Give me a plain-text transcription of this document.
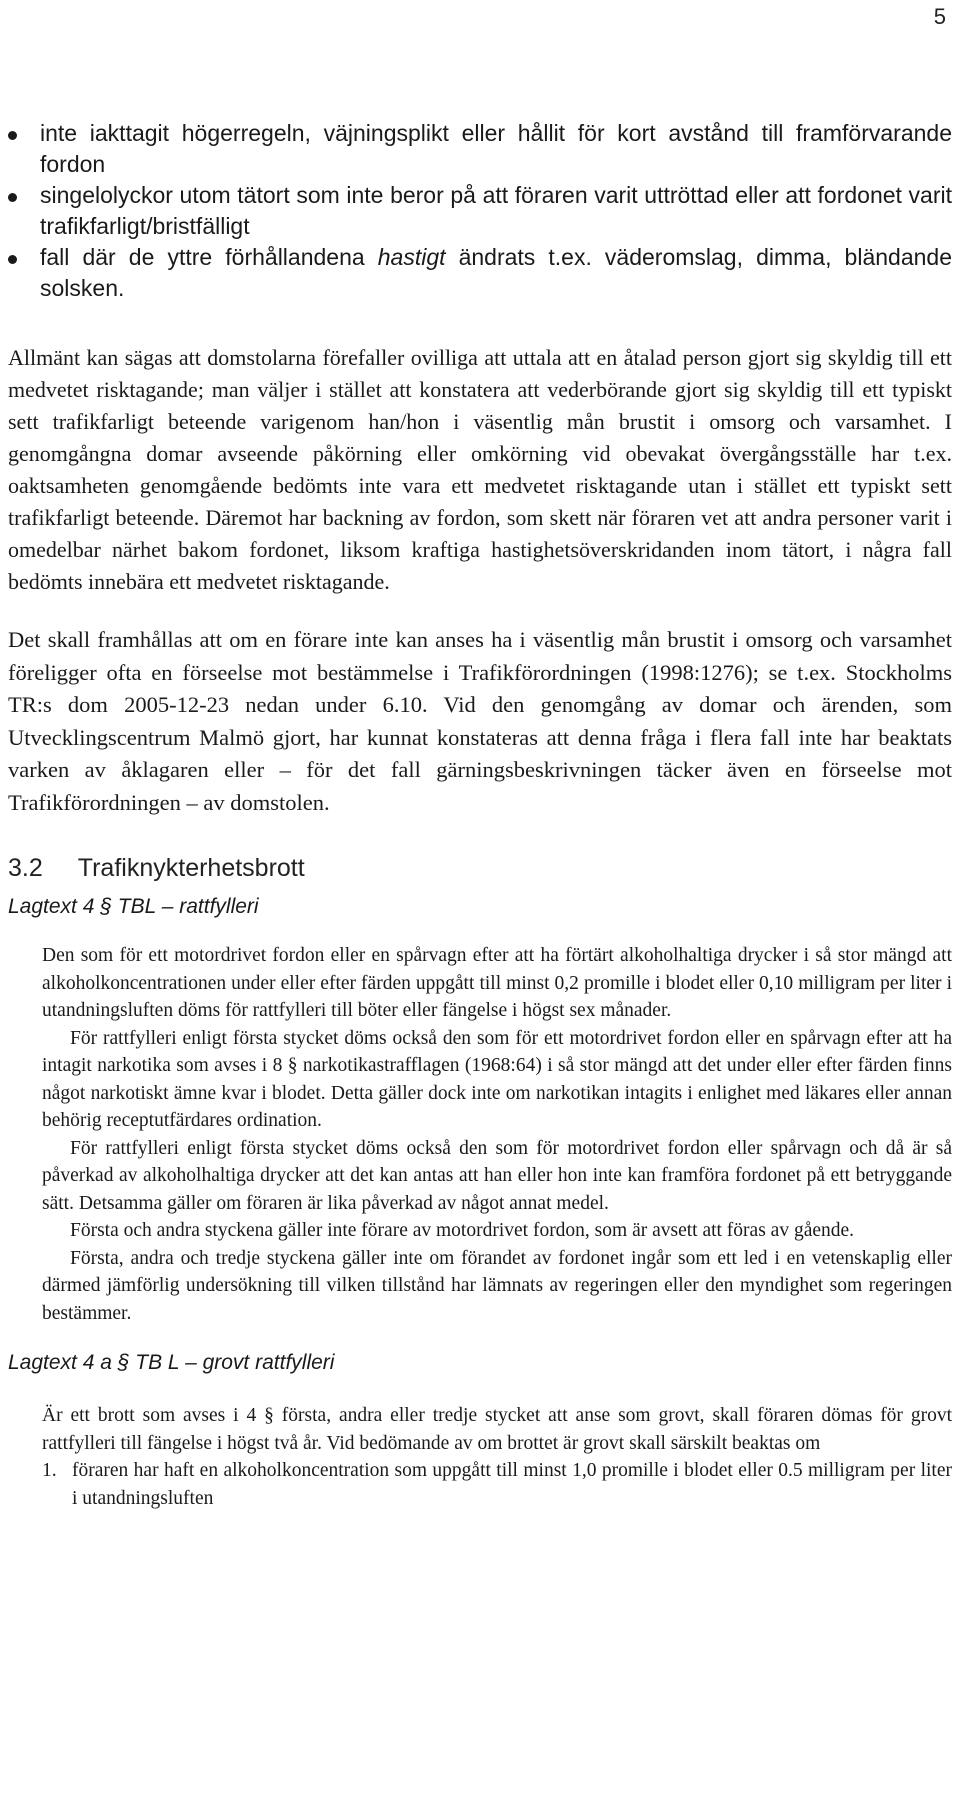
5
inte iakttagit högerregeln, väjningsplikt eller hållit för kort avstånd till framförvarande fordon
singelolyckor utom tätort som inte beror på att föraren varit uttröttad eller att fordonet varit trafikfarligt/bristfälligt
fall där de yttre förhållandena hastigt ändrats t.ex. väderomslag, dimma, bländande solsken.

Allmänt kan sägas att domstolarna förefaller ovilliga att uttala att en åtalad person gjort sig skyldig till ett medvetet risktagande; man väljer i stället att konstatera att vederbörande gjort sig skyldig till ett typiskt sett trafikfarligt beteende varigenom han/hon i väsentlig mån brustit i omsorg och varsamhet. I genomgångna domar avseende påkörning eller omkörning vid obevakat övergångsställe har t.ex. oaktsamheten genomgående bedömts inte vara ett medvetet risktagande utan i stället ett typiskt sett trafikfarligt beteende. Däremot har backning av fordon, som skett när föraren vet att andra personer varit i omedelbar närhet bakom fordonet, liksom kraftiga hastighetsöverskridanden inom tätort, i några fall bedömts innebära ett medvetet risktagande.

Det skall framhållas att om en förare inte kan anses ha i väsentlig mån brustit i omsorg och varsamhet föreligger ofta en förseelse mot bestämmelse i Trafikförordningen (1998:1276); se t.ex. Stockholms TR:s dom 2005-12-23 nedan under 6.10. Vid den genomgång av domar och ärenden, som Utvecklingscentrum Malmö gjort, har kunnat konstateras att denna fråga i flera fall inte har beaktats varken av åklagaren eller – för det fall gärningsbeskrivningen täcker även en förseelse mot Trafikförordningen – av domstolen.

3.2 Trafiknykterhetsbrott
Lagtext 4 § TBL – rattfylleri

Den som för ett motordrivet fordon eller en spårvagn efter att ha förtärt alkoholhaltiga drycker i så stor mängd att alkoholkoncentrationen under eller efter färden uppgått till minst 0,2 promille i blodet eller 0,10 milligram per liter i utandningsluften döms för rattfylleri till böter eller fängelse i högst sex månader.

För rattfylleri enligt första stycket döms också den som för ett motordrivet fordon eller en spårvagn efter att ha intagit narkotika som avses i 8 § narkotikastrafflagen (1968:64) i så stor mängd att det under eller efter färden finns något narkotiskt ämne kvar i blodet. Detta gäller dock inte om narkotikan intagits i enlighet med läkares eller annan behörig receptutfärdares ordination.

För rattfylleri enligt första stycket döms också den som för motordrivet fordon eller spårvagn och då är så påverkad av alkoholhaltiga drycker att det kan antas att han eller hon inte kan framföra fordonet på ett betryggande sätt. Detsamma gäller om föraren är lika påverkad av något annat medel.

Första och andra styckena gäller inte förare av motordrivet fordon, som är avsett att föras av gående.

Första, andra och tredje styckena gäller inte om förandet av fordonet ingår som ett led i en vetenskaplig eller därmed jämförlig undersökning till vilken tillstånd har lämnats av regeringen eller den myndighet som regeringen bestämmer.

Lagtext 4 a § TB L – grovt rattfylleri

Är ett brott som avses i 4 § första, andra eller tredje stycket att anse som grovt, skall föraren dömas för grovt rattfylleri till fängelse i högst två år. Vid bedömande av om brottet är grovt skall särskilt beaktas om

1. föraren har haft en alkoholkoncentration som uppgått till minst 1,0 promille i blodet eller 0.5 milligram per liter i utandningsluften
